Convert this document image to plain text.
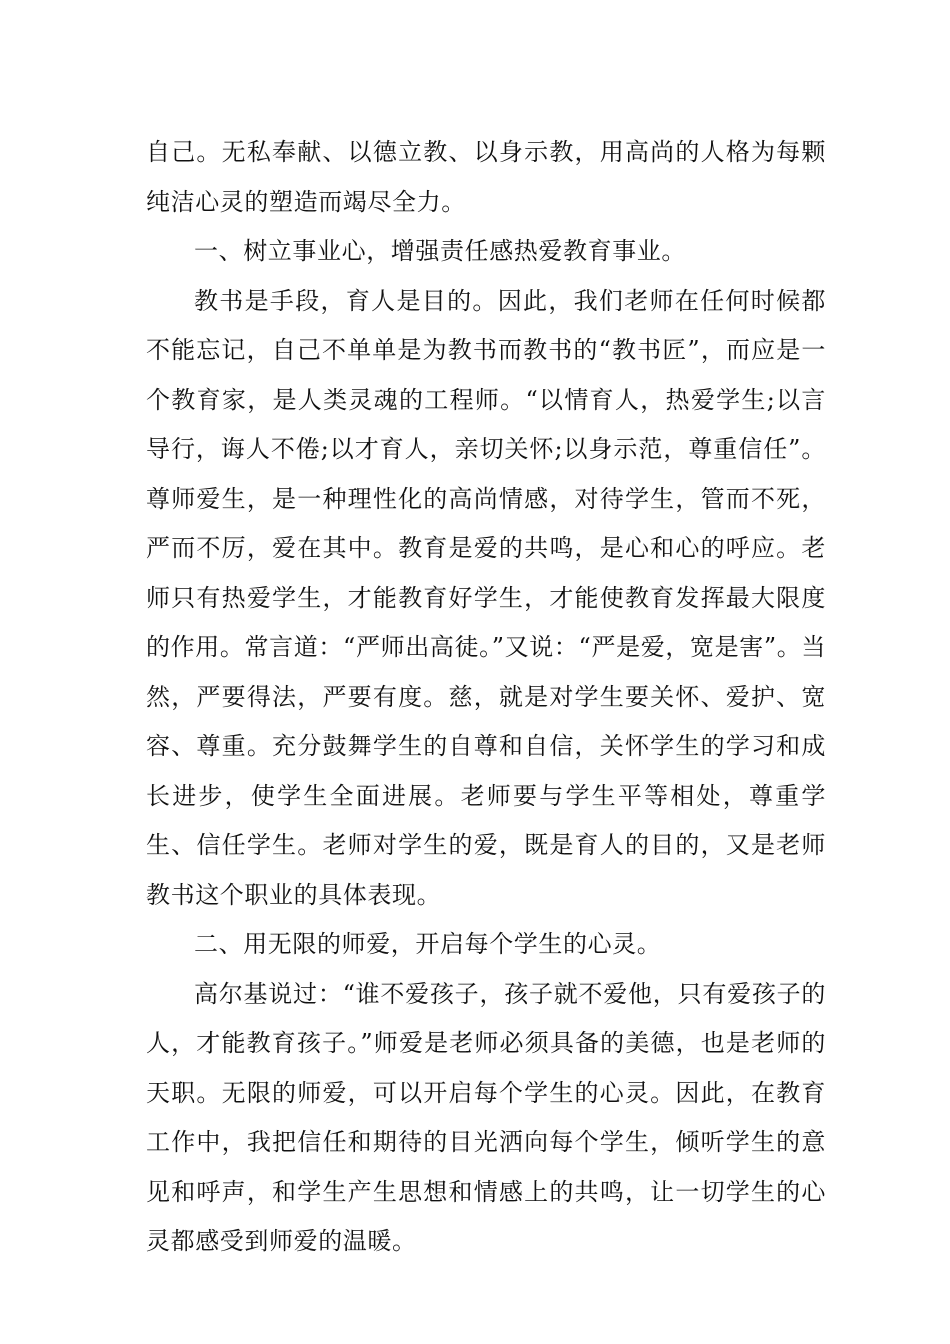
自己。无私奉献、以德立教、以身示教，用高尚的人格为每颗纯洁心灵的塑造而竭尽全力。

一、树立事业心，增强责任感热爱教育事业。

教书是手段，育人是目的。因此，我们老师在任何时候都不能忘记，自己不单单是为教书而教书的“教书匠”，而应是一个教育家，是人类灵魂的工程师。“以情育人，热爱学生;以言导行，诲人不倦;以才育人，亲切关怀;以身示范，尊重信任”。尊师爱生，是一种理性化的高尚情感，对待学生，管而不死，严而不厉，爱在其中。教育是爱的共鸣，是心和心的呼应。老师只有热爱学生，才能教育好学生，才能使教育发挥最大限度的作用。常言道：“严师出高徒。”又说：“严是爱，宽是害”。当然，严要得法，严要有度。慈，就是对学生要关怀、爱护、宽容、尊重。充分鼓舞学生的自尊和自信，关怀学生的学习和成长进步，使学生全面进展。老师要与学生平等相处，尊重学生、信任学生。老师对学生的爱，既是育人的目的，又是老师教书这个职业的具体表现。

二、用无限的师爱，开启每个学生的心灵。

高尔基说过：“谁不爱孩子，孩子就不爱他，只有爱孩子的人，才能教育孩子。”师爱是老师必须具备的美德，也是老师的天职。无限的师爱，可以开启每个学生的心灵。因此，在教育工作中，我把信任和期待的目光洒向每个学生，倾听学生的意见和呼声，和学生产生思想和情感上的共鸣，让一切学生的心灵都感受到师爱的温暖。
